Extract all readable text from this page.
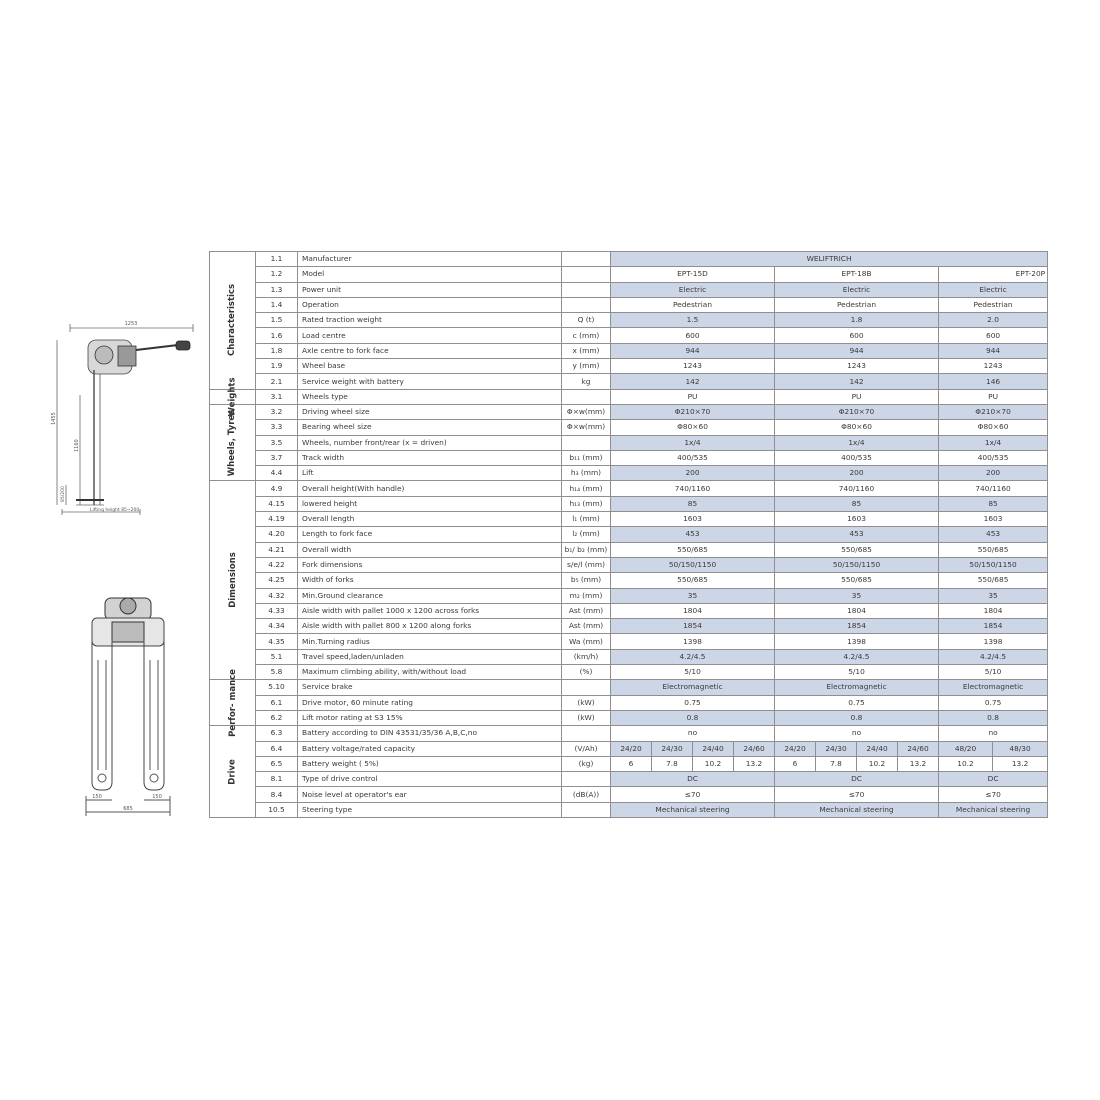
1253
1455
1160
85/200
Lifting height 85~200
150	150
685
Characteristics	1.1	Manufacturer		WELIFTRICH									
	1.2	Model		EPT-15D				EPT-18B				EPT-20P	
	1.3	Power unit		Electric				Electric				Electric	
	1.4	Operation		Pedestrian				Pedestrian				Pedestrian	
	1.5	Rated traction weight	Q (t)	1.5				1.8				2.0	
	1.6	Load centre	c (mm)	600				600				600	
	1.8	Axle centre to fork face	x (mm)	944				944				944	
	1.9	Wheel base	y (mm)	1243				1243				1243	
	2.1	Service weight with battery	kg	142				142				146	

Weights	3.1	Wheels type		PU				PU				PU	

Wheels, Tyres	3.2	Driving wheel size	Φ×w(mm)	Φ210×70				Φ210×70				Φ210×70	
	3.3	Bearing wheel size	Φ×w(mm)	Φ80×60				Φ80×60				Φ80×60	
	3.5	Wheels, number front/rear (x = driven)		1x/4				1x/4				1x/4	
	3.7	Track width	b₁₁ (mm)	400/535				400/535				400/535	
	4.4	Lift	h₃ (mm)	200				200				200	

Dimensions	4.9	Overall height(With handle)	h₁₄ (mm)	740/1160				740/1160				740/1160	
	4.15	lowered height	h₁₃ (mm)	85				85				85	
	4.19	Overall length	l₁ (mm)	1603				1603				1603	
	4.20	Length to fork face	l₂ (mm)	453				453				453	
	4.21	Overall width	b₁/ b₂ (mm)	550/685				550/685				550/685	
	4.22	Fork dimensions	s/e/l (mm)	50/150/1150				50/150/1150				50/150/1150	
	4.25	Width of forks	b₅ (mm)	550/685				550/685				550/685	
	4.32	Min.Ground clearance	m₂ (mm)	35				35				35	
	4.33	Aisle width with pallet 1000 x 1200 across forks	Ast (mm)	1804				1804				1804	
	4.34	Aisle width with pallet 800 x 1200 along forks	Ast (mm)	1854				1854				1854	
	4.35	Min.Turning radius	Wa (mm)	1398				1398				1398	
	5.1	Travel speed,laden/unladen	(km/h)	4.2/4.5				4.2/4.5				4.2/4.5	
	5.8	Maximum climbing ability, with/without load	(%)	5/10				5/10				5/10	

Perfor- mance	5.10	Service brake		Electromagnetic				Electromagnetic				Electromagnetic	
	6.1	Drive motor, 60 minute rating	(kW)	0.75				0.75				0.75	
	6.2	Lift motor rating at S3 15%	(kW)	0.8				0.8				0.8	

Drive	6.3	Battery according to DIN 43531/35/36 A,B,C,no		no				no				no	
	6.4	Battery voltage/rated capacity	(V/Ah)	24/20	24/30	24/40	24/60	24/20	24/30	24/40	24/60	48/20	48/30
	6.5	Battery weight ( 5%)	(kg)	6	7.8	10.2	13.2	6	7.8	10.2	13.2	10.2	13.2
	8.1	Type of drive control		DC				DC				DC	
	8.4	Noise level at operator's ear	(dB(A))	≤70				≤70				≤70	
	10.5	Steering type		Mechanical steering				Mechanical steering				Mechanical steering	
